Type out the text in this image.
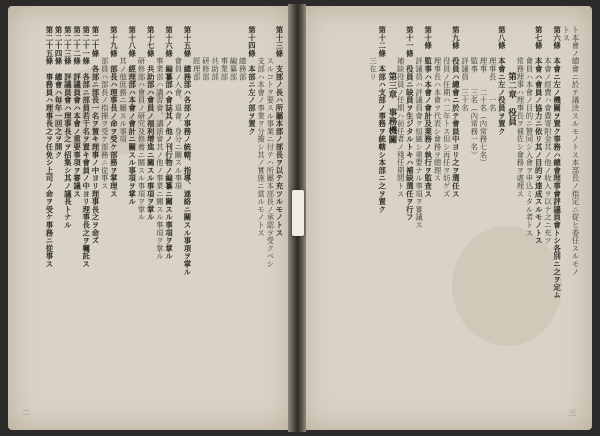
第十三條　支部ノ長ハ所屬本部ノ部長ヲ以テ充ツルモノトス
　　　　スルコトヲ要スル事業ニ付テハ所屬本部長ノ承認ヲ受クベシ
　　　　支部ハ本會ノ事業ヲ分擔シ其ノ實施ニ當ルモノトス
第十四條　本部ニ左ノ部ヲ置ク
　　　　總務部
　　　　編纂部
　　　　事業部
　　　　共助部
　　　　研修部
　　　　經理部
第十五條　總務部ハ各部ノ事務ノ統轄、指導、連絡ニ關スル事項ヲ掌ル
　　　　會員ノ入會、退會、身分ニ關スル事項
第十六條　編纂部ハ會誌其ノ他ノ刊行物ノ編纂ニ關スル事項ヲ掌ル
　　　　事業部ハ講習會、講演會其ノ他ノ事業ニ關スル事項ヲ掌ル
第十七條　共助部ハ會員ノ福利增進ニ關スル事項ヲ掌ル
　　　　研修部ハ會員ノ研究及修養ニ關スル事項ヲ掌ル
第十八條　經理部ハ本會ノ會計ニ關スル事項ヲ掌ル
　　　　其ノ他庶務ニ屬スル事項
第十九條　部長ハ理事長ノ命ヲ受ケ部務ヲ掌理ス
　　　　部員ハ部長ノ指揮ヲ受ケ部務ニ從事ス
第二十條　各部ニ部長一名ヲ置キ理事ノ中ヨリ理事長之ヲ命ズ
第二十一條　各部ニ部員若干名ヲ置キ會員ノ中ヨリ理事長之ヲ囑託ス
第二十二條　評議員會ハ本會ノ重要事項ヲ審議ス
第二十三條　評議員會ハ理事長之ヲ招集シ其ノ議長トナル
第二十四條　總會ハ毎年一回之ヲ開ク
第二十五條　事務員ハ理事長之ヲ任免シ上司ノ命ヲ受ケ事務ニ從事ス
二
ト本會ノ總會ニ於テ議決スルモノトス本部長ノ指定ニ從ヒ委任スルモノ
トス
第六條　本會ニ左ノ機關ヲ置ク事務ハ總會理事會評議員會トシ各別ニ之ヲ定ム
　　　　本會ノ經費ハ會費寄附金其ノ他ノ收入ヲ以テ之ニ充ツ
第七條　本會ハ會員ノ協力ニ依リ其ノ目的ヲ達成スルモノトス
　　　　會員ハ本會ノ目的ニ贊同シ入會ヲ申込ミタル者トス
　　　　常務理事ハ理事長ヲ補佐シ會務ヲ處理ス
第二章　役員
第八條　本會ニ左ノ役員ヲ置ク
　　　　理事長　　一名
　　　　理事　　二十名（內常務七名）
　　　　監事　　三名（內常務一名）
　　　　評議員　三十名
第九條　役員ハ總會ニ於テ會員中ヨリ之ヲ選任ス
　　　　役員ノ任期ハ二年トス但シ再任ヲ妨ゲズ
　　　　理事長ハ本會ヲ代表シ會務ヲ總理ス
第十條　監事ハ本會ノ會計及業務ノ執行ヲ監査ス
　　　　評議員ハ評議員會ヲ組織シ重要ナル事項ヲ審議ス
第十一條　役員ニ缺員ヲ生ジタルトキハ補缺選任ヲ行フ
　　　　補缺役員ノ任期ハ前任者ノ殘任期間トス
第三章　事務機關
第十二條　本部ハ支部ノ事務ヲ統轄シ本部ニ之ヲ置ク
　　　　三在リ
三
